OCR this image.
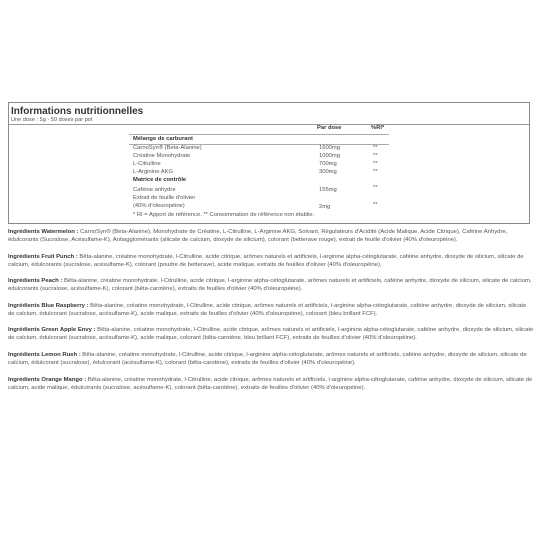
Informations nutritionnelles
Une dose : 5g - 50 doses par pot
Par dose	%RI*
Mélange de carburant
CarnoSyn® (Beta-Alanine)	1600mg	**
Créatine Monohydrate	1000mg	**
L-Citrulline	700mg	**
L-Arginine AKG	300mg	**
Matrice de contrôle
Caféine anhydre	155mg	**
Extrait de feuille d'olivier
(40% d'oleuropéine)	2mg	**
* RI = Apport de référence. ** Consommation de référence non établie.

Ingrédients Watermelon : CarnoSyn® (Beta-Alanine), Monohydrate de Créatine, L-Citrulline, L-Arginine AKG, Solvant, Régulateurs d'Acidité (Acide Malique, Acide Citrique), Caféine Anhydre, édulcorants (Sucralose, Acésulfame-K), Antiagglomérants (silicate de calcium, dioxyde de silicium), colorant (betterave rouge), extrait de feuille d'olivier (40% d'oleuropéine).

Ingrédients Fruit Punch : Bêta-alanine, créatine monohydrate, l-Citrulline, acide citrique, arômes naturels et artificiels, l-arginine alpha-cétoglutarate, caféine anhydre, dioxyde de silicium, silicate de calcium, édulcorants (sucralose, acésulfame-K), colorant (poudre de betterave), acide malique, extraits de feuilles d'olivier (40% d'oleuropéine).

Ingrédients Peach : Bêta-alanine, créatine monohydrate, l-Citrulline, acide citrique, l-arginine alpha-cétoglutarate, arômes naturels et artificiels, caféine anhydre, dioxyde de silicium, silicate de calcium, édulcorants (sucralose, acésulfame-K), colorant (bêta-carotène), extraits de feuilles d'olivier (40% d'oleuropéine).

Ingrédients Blue Raspberry : Bêta-alanine, créatine monohydrate, l-Citrulline, acide citrique, arômes naturels et artificiels, l-arginine alpha-cétoglutarate, caféine anhydre, dioxyde de silicium, silicate de calcium, édulcorant (sucralose, acésulfame-K), acide malique, extraits de feuilles d'olivier (40% d'oleuropéine), colorant (bleu brillant FCF).

Ingrédients Green Apple Envy : Bêta-alanine, créatine monohydrate, l-Citrulline, acide citrique, arômes naturels et artificiels, l-arginine alpha-cétoglutarate, caféine anhydre, dioxyde de silicium, silicate de calcium, édulcorant (sucralose, acésulfame-K), acide malique, colorant (bêta-carotène, bleu brillant FCF), extraits de feuilles d'olivier (40% d'oleuropéine).

Ingrédients Lemon Rush : Bêta-alanine, créatine monohydrate, l-Citrulline, acide citrique, l-arginine alpha-cétoglutarate, arômes naturels et artificiels, caféine anhydre, dioxyde de silicium, silicate de calcium, édulcorant (sucralose), édulcorant (acésulfame-K), colorant (bêta-carotène), extraits de feuilles d'olivier (40% d'oleuropéine).

Ingrédients Orange Mango : Bêta-alanine, créatine monohydrate, l-Citrulline, acide citrique, arômes naturels et artificiels, l-arginine alpha-cétoglutarate, caféine anhydre, dioxyde de silicium, silicate de calcium, acide malique, édulcorants (sucralose, acésulfame-K), colorant (bêta-carotène), extraits de feuilles d'olivier (40% d'oleuropéine).
